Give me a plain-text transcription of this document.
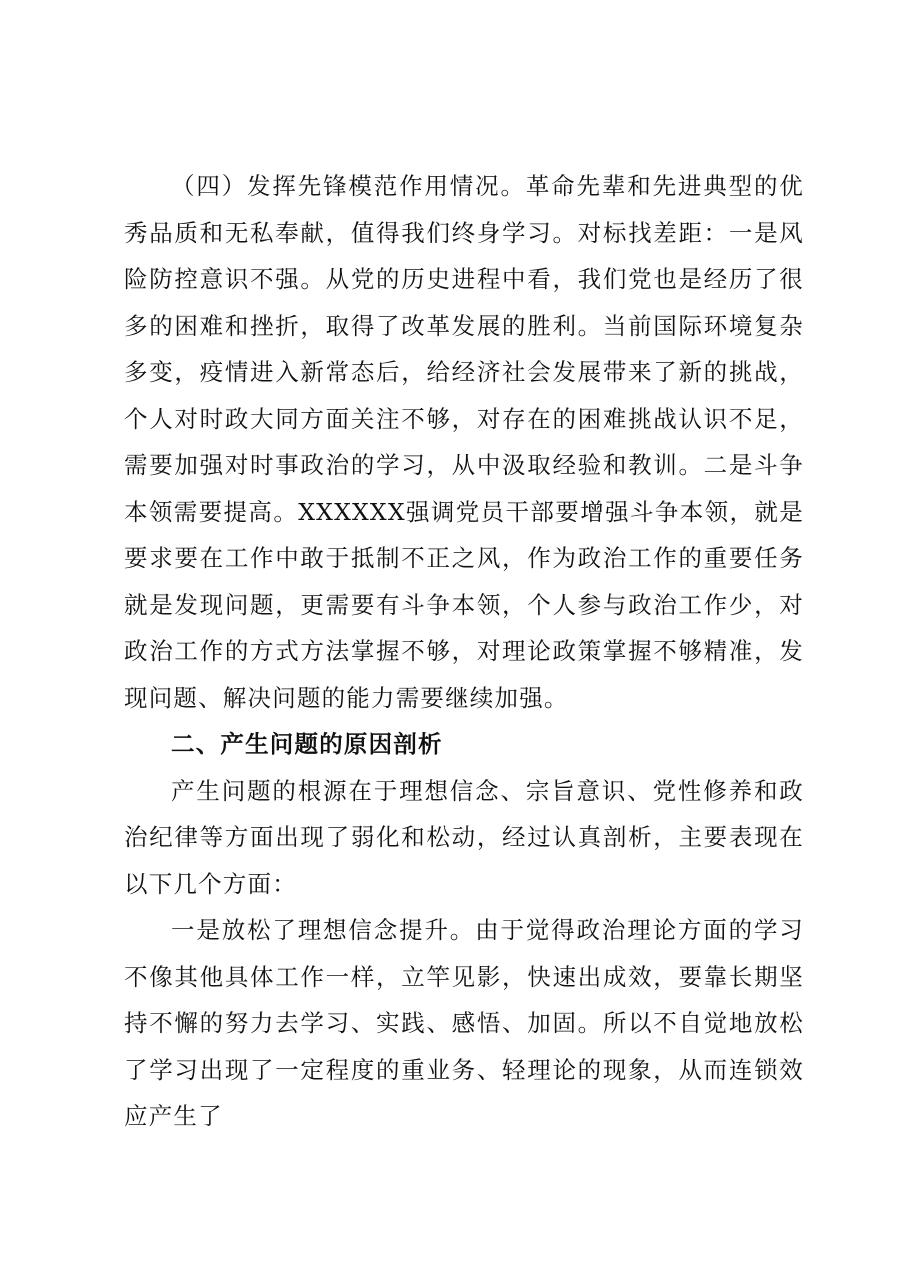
（四）发挥先锋模范作用情况。革命先辈和先进典型的优秀品质和无私奉献，值得我们终身学习。对标找差距：一是风险防控意识不强。从党的历史进程中看，我们党也是经历了很多的困难和挫折，取得了改革发展的胜利。当前国际环境复杂多变，疫情进入新常态后，给经济社会发展带来了新的挑战，个人对时政大同方面关注不够，对存在的困难挑战认识不足，需要加强对时事政治的学习，从中汲取经验和教训。二是斗争本领需要提高。XXXXXX强调党员干部要增强斗争本领，就是要求要在工作中敢于抵制不正之风，作为政治工作的重要任务就是发现问题，更需要有斗争本领，个人参与政治工作少，对政治工作的方式方法掌握不够，对理论政策掌握不够精准，发现问题、解决问题的能力需要继续加强。

二、产生问题的原因剖析

产生问题的根源在于理想信念、宗旨意识、党性修养和政治纪律等方面出现了弱化和松动，经过认真剖析，主要表现在以下几个方面：

一是放松了理想信念提升。由于觉得政治理论方面的学习不像其他具体工作一样，立竿见影，快速出成效，要靠长期坚持不懈的努力去学习、实践、感悟、加固。所以不自觉地放松了学习出现了一定程度的重业务、轻理论的现象，从而连锁效应产生了
